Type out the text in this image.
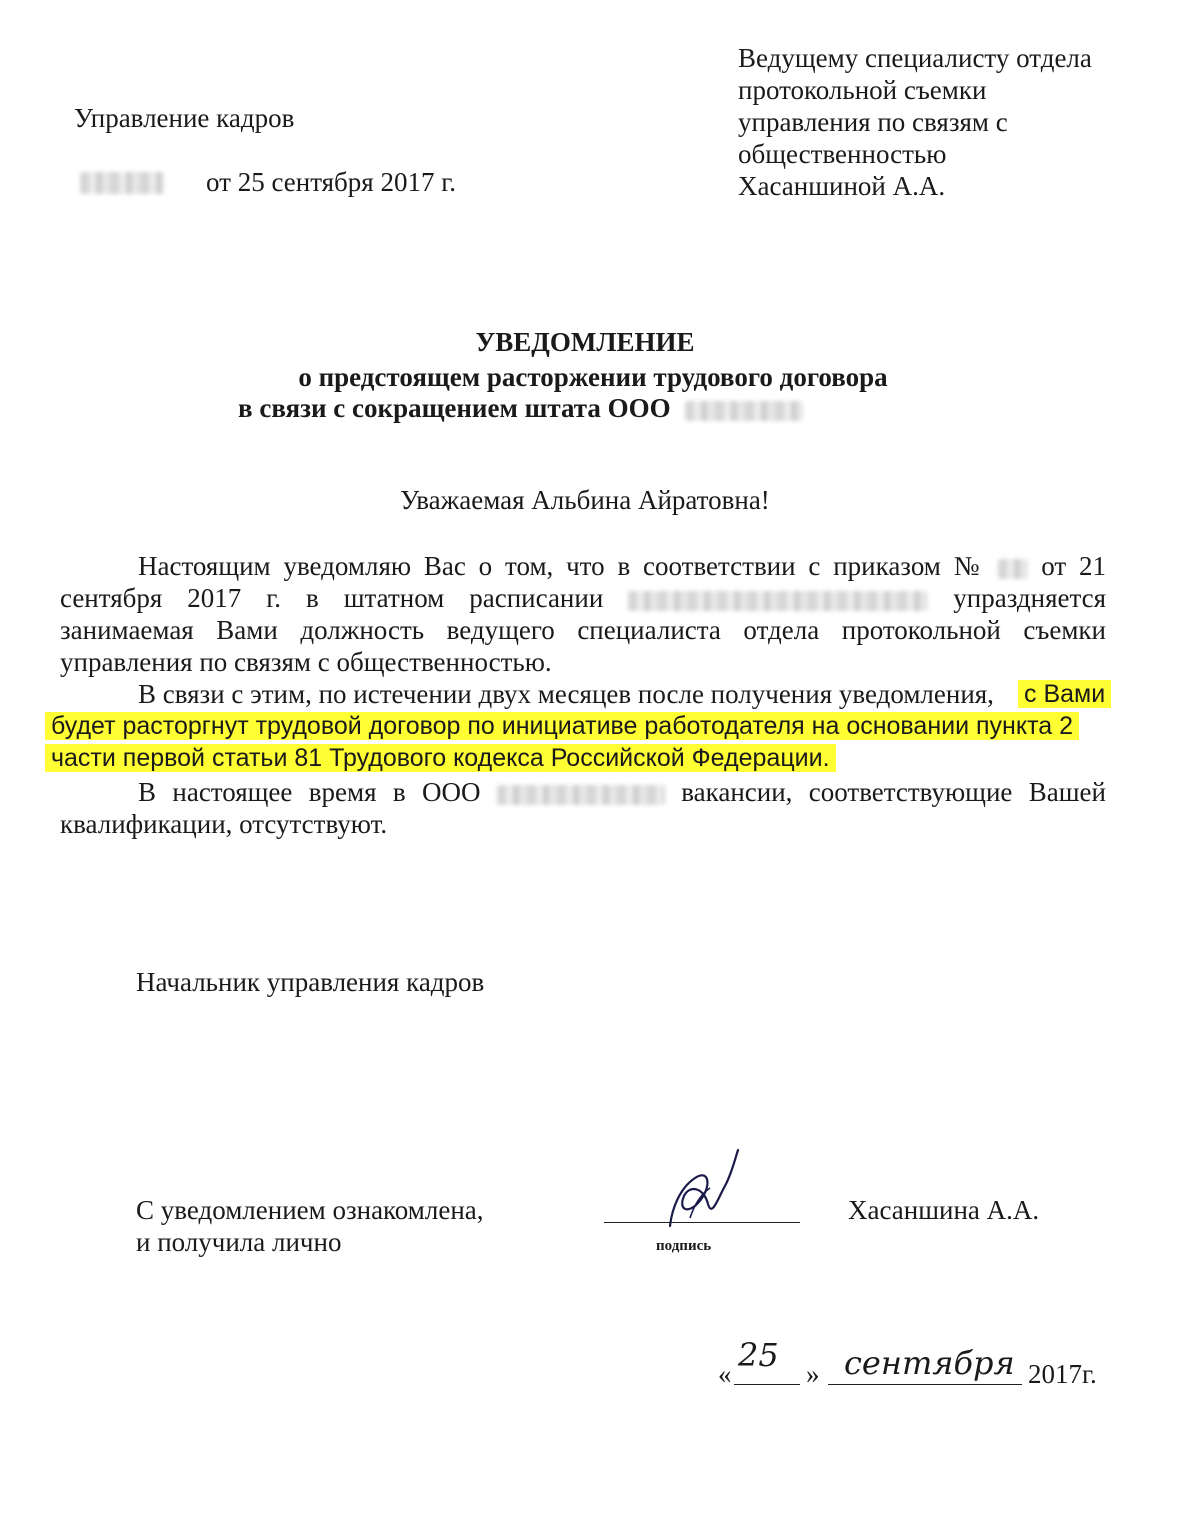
Управление кадров
от 25 сентября 2017 г.
Ведущему специалисту отдела
протокольной съемки
управления по связям с
общественностью
Хасаншиной А.А.
УВЕДОМЛЕНИЕ
о предстоящем расторжении трудового договора
в связи с сокращением штата ООО
Уважаемая Альбина Айратовна!
Настоящим уведомляю Вас о том, что в соответствии с приказом № от 21
сентября 2017 г. в штатном расписании	упраздняется
занимаемая Вами должность ведущего специалиста отдела протокольной съемки
управления по связям с общественностью.
В связи с этим, по истечении двух месяцев после получения уведомления, с Вами
будет расторгнут трудовой договор по инициативе работодателя на основании пункта 2
части первой статьи 81 Трудового кодекса Российской Федерации.
В настоящее время в ООО	вакансии, соответствующие Вашей
квалификации, отсутствуют.
Начальник управления кадров
С уведомлением ознакомлена,
и получила лично	подпись
Хасаншина А.А.
« 25 » сентября 2017г.
